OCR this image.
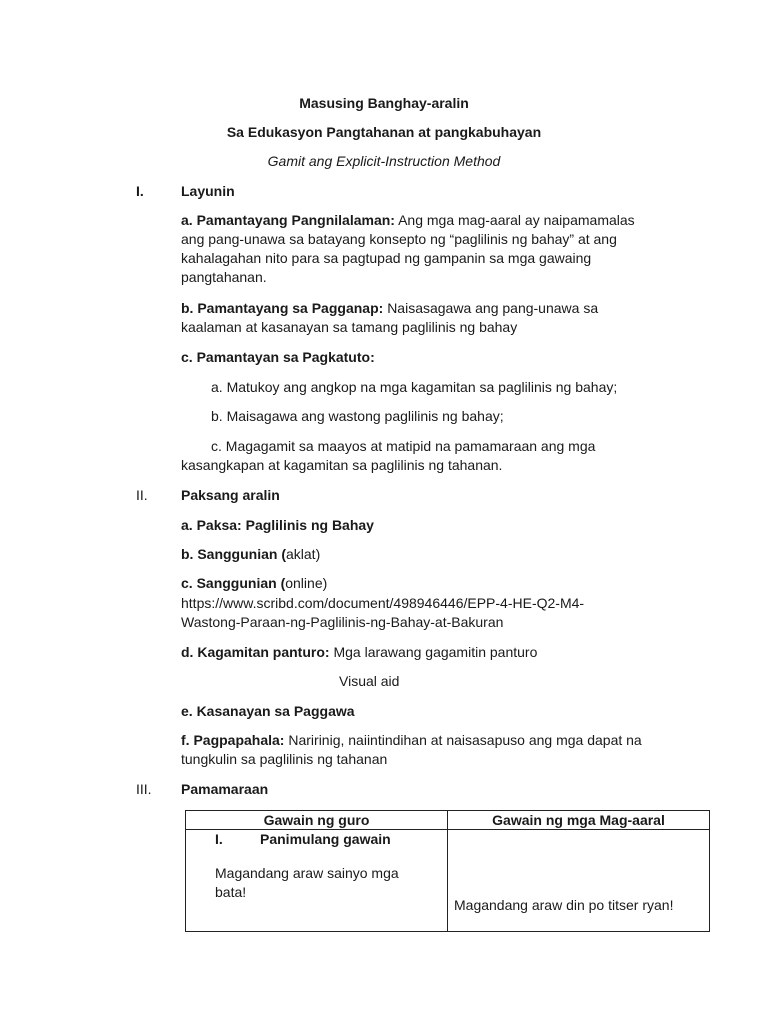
Masusing Banghay-aralin
Sa Edukasyon Pangtahanan at pangkabuhayan
Gamit ang Explicit-Instruction Method
I.	Layunin
a. Pamantayang Pangnilalaman: Ang mga mag-aaral ay naipamamalas
ang pang-unawa sa batayang konsepto ng “paglilinis ng bahay” at ang
kahalagahan nito para sa pagtupad ng gampanin sa mga gawaing
pangtahanan.
b. Pamantayang sa Pagganap: Naisasagawa ang pang-unawa sa
kaalaman at kasanayan sa tamang paglilinis ng bahay
c. Pamantayan sa Pagkatuto:
a. Matukoy ang angkop na mga kagamitan sa paglilinis ng bahay;
b. Maisagawa ang wastong paglilinis ng bahay;
c. Magagamit sa maayos at matipid na pamamaraan ang mga
kasangkapan at kagamitan sa paglilinis ng tahanan.
II. Paksang aralin
a. Paksa: Paglilinis ng Bahay
b. Sanggunian (aklat)
c. Sanggunian (online)
https://www.scribd.com/document/498946446/EPP-4-HE-Q2-M4-
Wastong-Paraan-ng-Paglilinis-ng-Bahay-at-Bakuran
d. Kagamitan panturo: Mga larawang gagamitin panturo
Visual aid
e. Kasanayan sa Paggawa
f. Pagpapahala: Naririnig, naiintindihan at naisasapuso ang mga dapat na
tungkulin sa paglilinis ng tahanan
III. Pamamaraan
Gawain ng guro	Gawain ng mga Mag-aaral

I. Panimulang gawain
Magandang araw sainyo mga
bata!	Magandang araw din po titser ryan!
